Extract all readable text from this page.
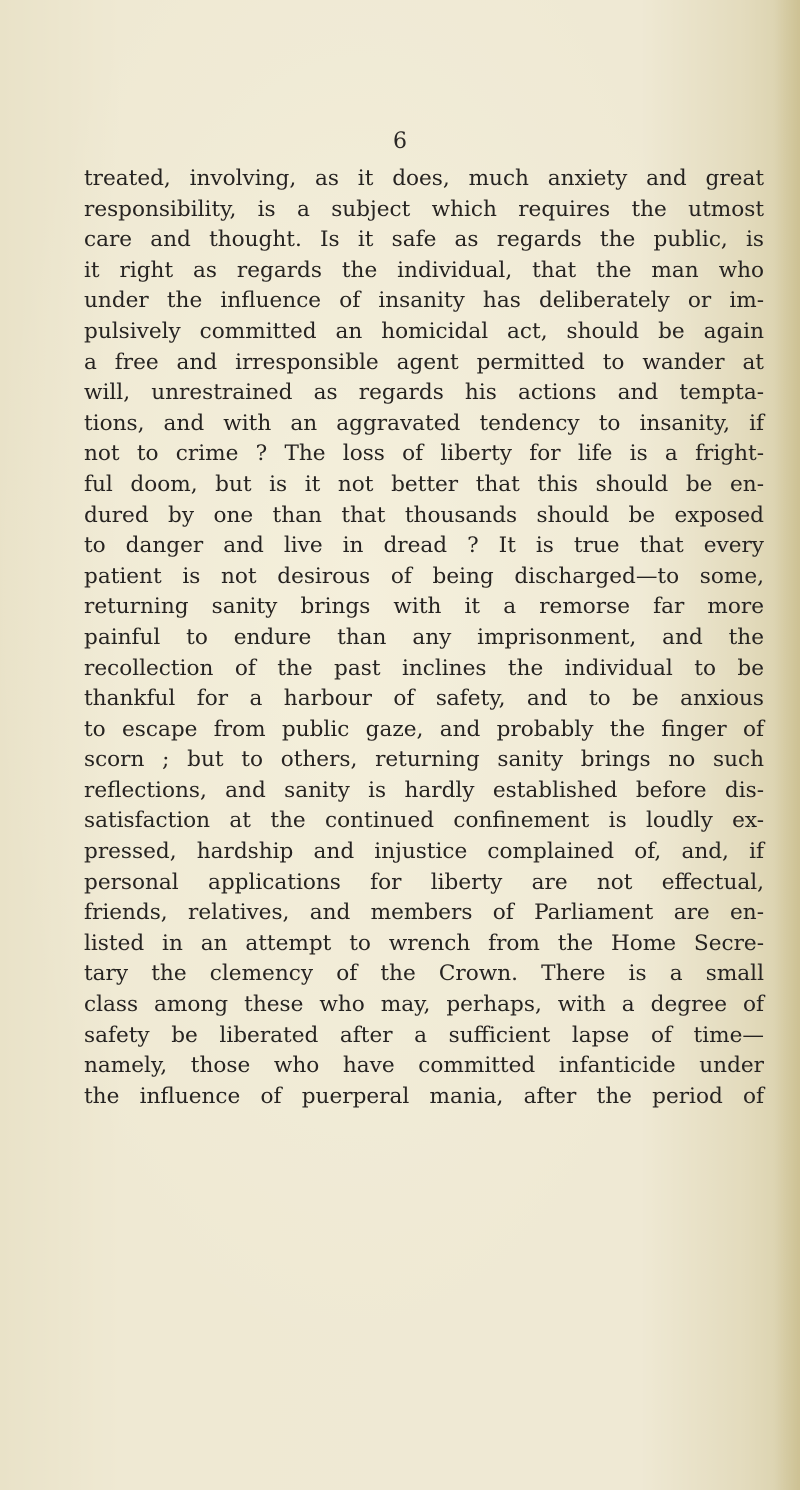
6
treated, involving, as it does, much anxiety and great
responsibility, is a subject which requires the utmost
care and thought. Is it safe as regards the public, is
it right as regards the individual, that the man who
under the influence of insanity has deliberately or im-
pulsively committed an homicidal act, should be again
a free and irresponsible agent permitted to wander at
will, unrestrained as regards his actions and tempta-
tions, and with an aggravated tendency to insanity, if
not to crime ? The loss of liberty for life is a fright-
ful doom, but is it not better that this should be en-
dured by one than that thousands should be exposed
to danger and live in dread ? It is true that every
patient is not desirous of being discharged—to some,
returning sanity brings with it a remorse far more
painful to endure than any imprisonment, and the
recollection of the past inclines the individual to be
thankful for a harbour of safety, and to be anxious
to escape from public gaze, and probably the finger of
scorn ; but to others, returning sanity brings no such
reflections, and sanity is hardly established before dis-
satisfaction at the continued confinement is loudly ex-
pressed, hardship and injustice complained of, and, if
personal applications for liberty are not effectual,
friends, relatives, and members of Parliament are en-
listed in an attempt to wrench from the Home Secre-
tary the clemency of the Crown. There is a small
class among these who may, perhaps, with a degree of
safety be liberated after a sufficient lapse of time—
namely, those who have committed infanticide under
the influence of puerperal mania, after the period of
